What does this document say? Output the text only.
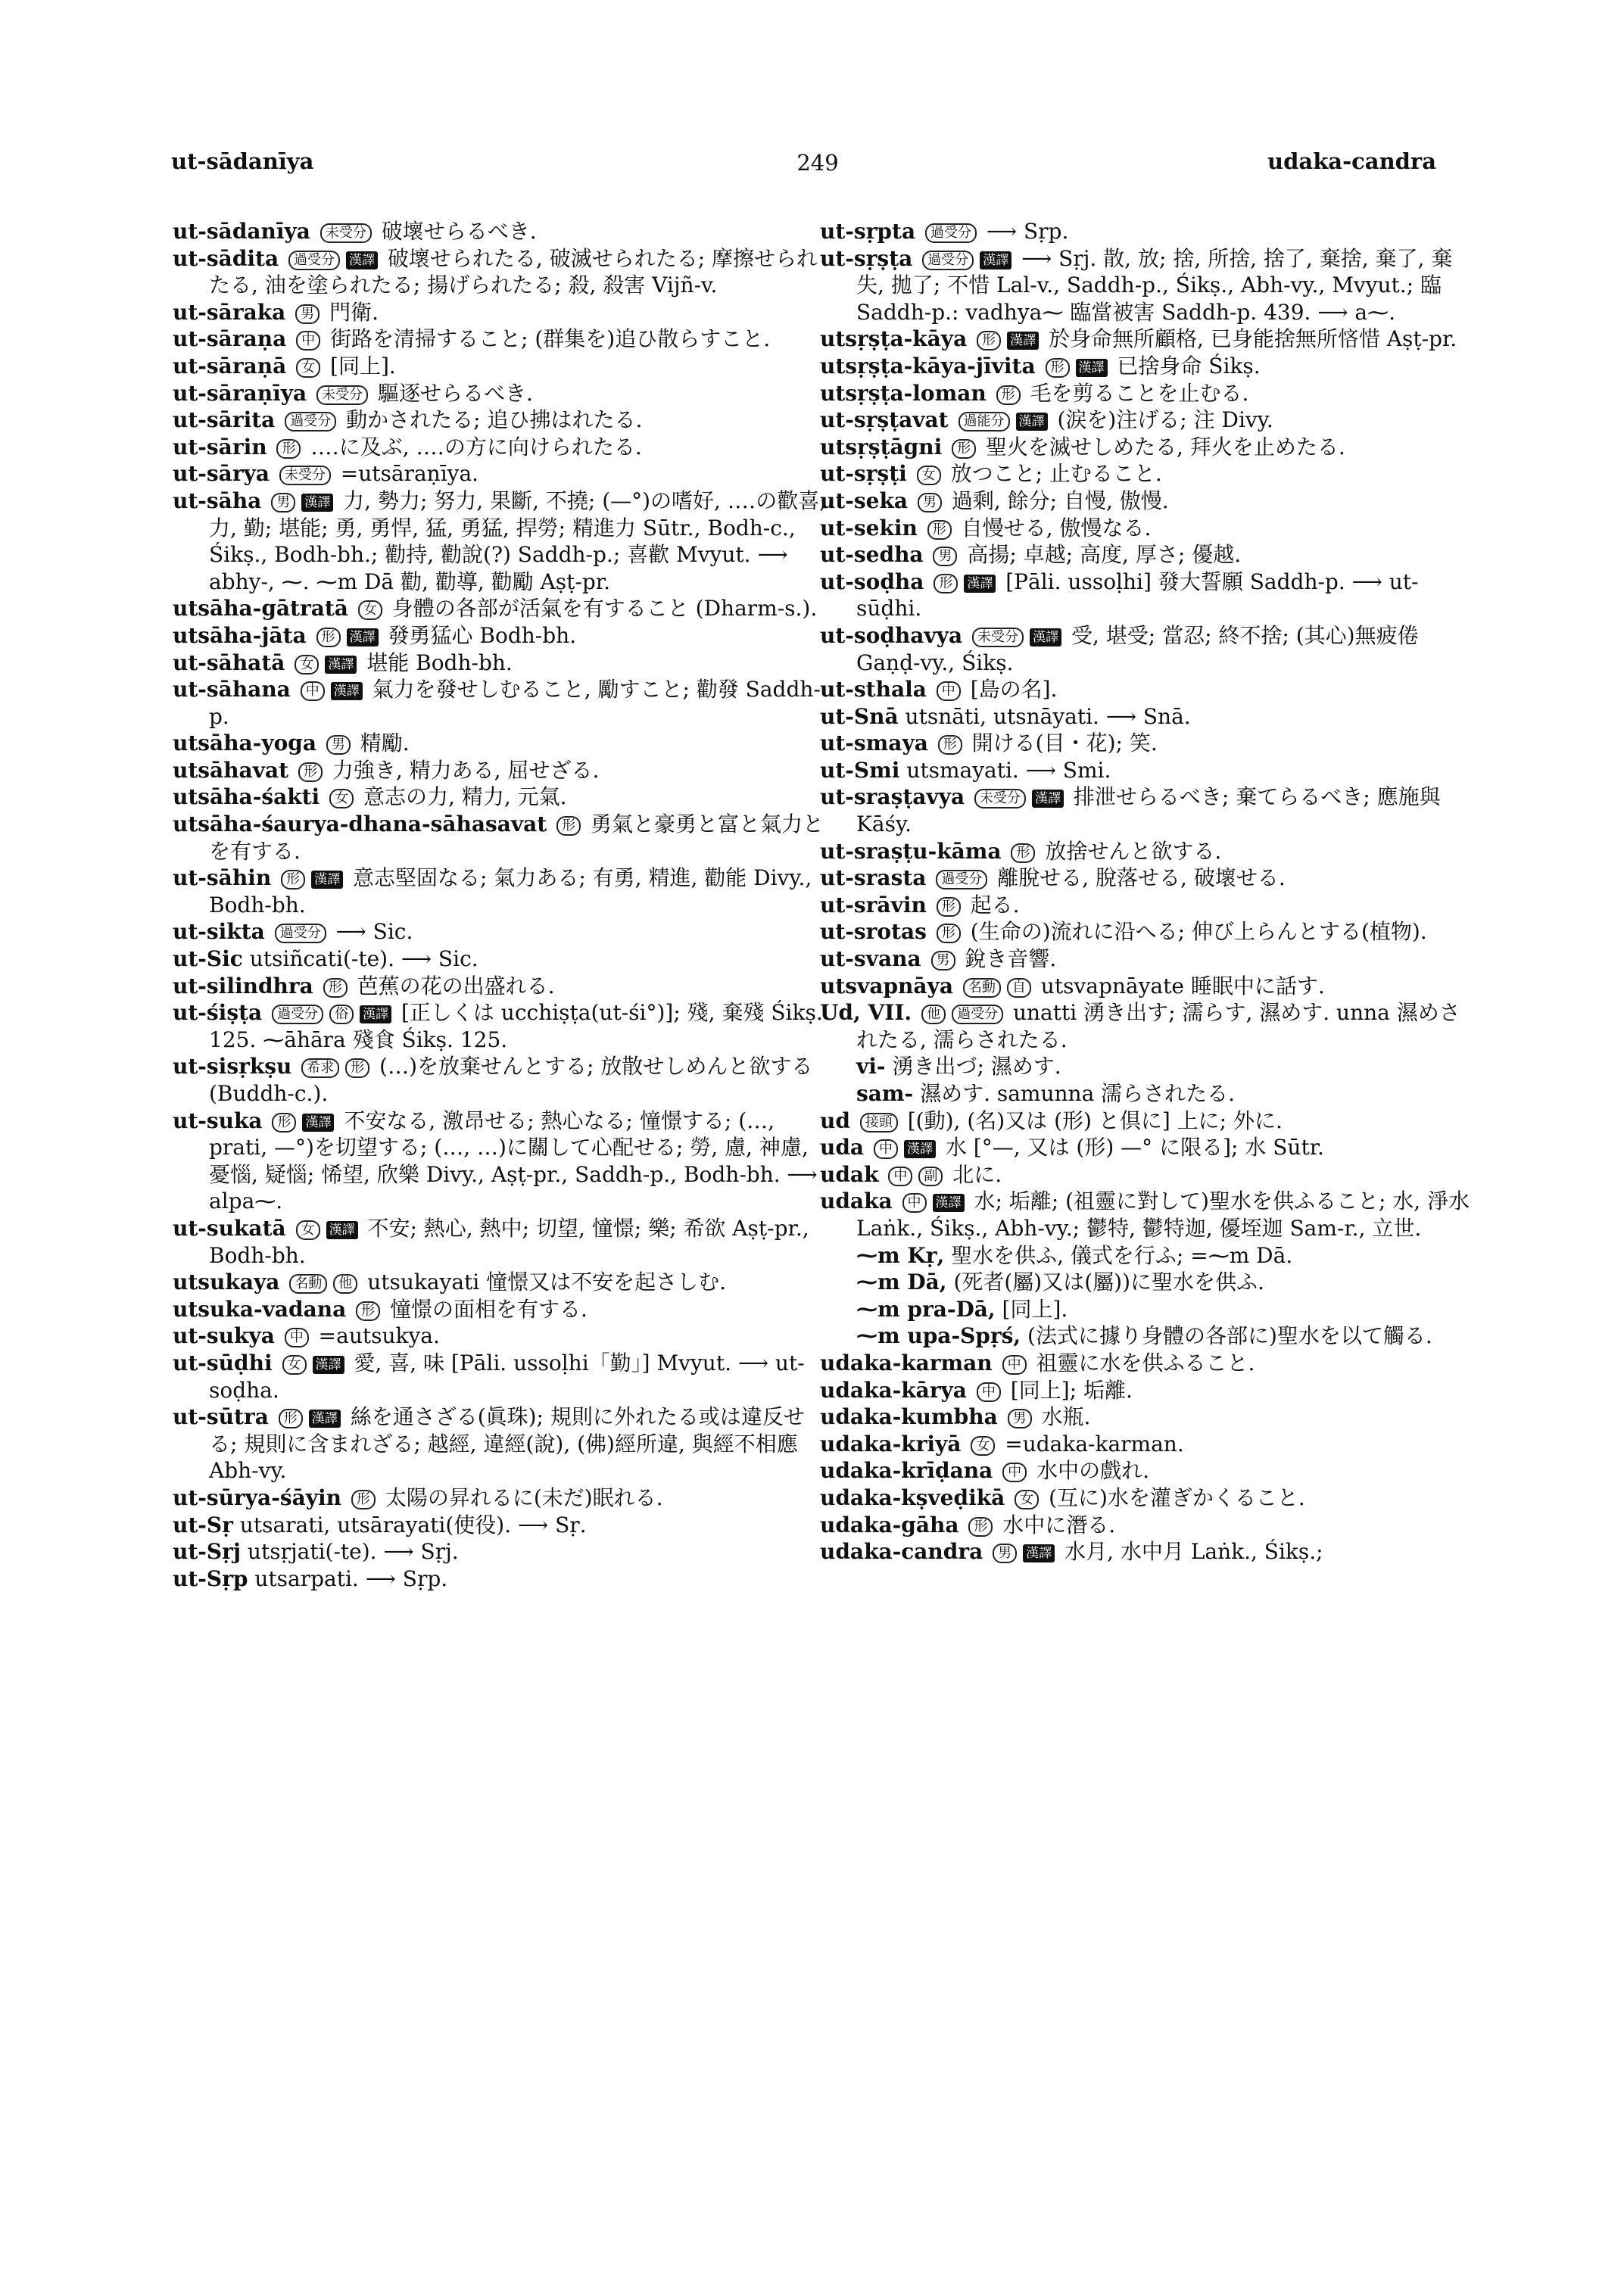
ut-sādanīya	249	udaka-candra

ut-sādanīya 未受分 破壞せらるべき.

ut-sādita 過受分 漢譯 破壞せられたる, 破滅せられたる; 摩擦せられたる, 油を塗られたる; 揚げられたる; 殺, 殺害 Vijñ-v.

ut-sāraka 男 門衛.

ut-sāraṇa 中 街路を清掃すること; (群集を)追ひ散らすこと.

ut-sāraṇā 女 [同上].

ut-sāraṇīya 未受分 驅逐せらるべき.

ut-sārita 過受分 動かされたる; 追ひ拂はれたる.

ut-sārin 形 ‥‥に及ぶ, ‥‥の方に向けられたる.

ut-sārya 未受分 =utsāraṇīya.

ut-sāha 男 漢譯 力, 勢力; 努力, 果斷, 不撓; (—°)の嗜好, ‥‥の歡喜; 力, 勤; 堪能; 勇, 勇悍, 猛, 勇猛, 捍勞; 精進力 Sūtr., Bodh-c., Śikṣ., Bodh-bh.; 勸持, 勸說(?) Saddh-p.; 喜歡 Mvyut. ⟶ abhy-, ⁓. ⁓m Dā 勸, 勸導, 勸勵 Aṣṭ-pr.

utsāha-gātratā 女 身體の各部が活氣を有すること (Dharm-s.).

utsāha-jāta 形 漢譯 發勇猛心 Bodh-bh.

ut-sāhatā 女 漢譯 堪能 Bodh-bh.

ut-sāhana 中 漢譯 氣力を發せしむること, 勵すこと; 勸發 Saddh-p.

utsāha-yoga 男 精勵.

utsāhavat 形 力強き, 精力ある, 屈せざる.

utsāha-śakti 女 意志の力, 精力, 元氣.

utsāha-śaurya-dhana-sāhasavat 形 勇氣と豪勇と富と氣力とを有する.

ut-sāhin 形 漢譯 意志堅固なる; 氣力ある; 有勇, 精進, 勸能 Divy., Bodh-bh.

ut-sikta 過受分 ⟶ Sic.

ut-Sic utsiñcati(-te). ⟶ Sic.

ut-silindhra 形 芭蕉の花の出盛れる.

ut-śiṣṭa 過受分 俗 漢譯 [正しくは ucchiṣṭa(ut-śi°)]; 殘, 棄殘 Śikṣ. 125. ⁓āhāra 殘食 Śikṣ. 125.

ut-sisṛkṣu 希求 形 (…)を放棄せんとする; 放散せしめんと欲する (Buddh-c.).

ut-suka 形 漢譯 不安なる, 激昂せる; 熱心なる; 憧憬する; (…, prati, —°)を切望する; (…, …)に關して心配せる; 勞, 慮, 神慮, 憂惱, 疑惱; 悕望, 欣樂 Divy., Aṣṭ-pr., Saddh-p., Bodh-bh. ⟶ alpa⁓.

ut-sukatā 女 漢譯 不安; 熱心, 熱中; 切望, 憧憬; 樂; 希欲 Aṣṭ-pr., Bodh-bh.

utsukaya 名動 他 utsukayati 憧憬又は不安を起さしむ.

utsuka-vadana 形 憧憬の面相を有する.

ut-sukya 中 =autsukya.

ut-sūḍhi 女 漢譯 愛, 喜, 味 [Pāli. ussoḷhi「勤」] Mvyut. ⟶ ut-soḍha.

ut-sūtra 形 漢譯 絲を通さざる(眞珠); 規則に外れたる或は違反せる; 規則に含まれざる; 越經, 違經(說), (佛)經所違, 與經不相應 Abh-vy.

ut-sūrya-śāyin 形 太陽の昇れるに(未だ)眠れる.

ut-Sṛ utsarati, utsārayati(使役). ⟶ Sṛ.

ut-Sṛj utsṛjati(-te). ⟶ Sṛj.

ut-Sṛp utsarpati. ⟶ Sṛp.

ut-sṛpta 過受分 ⟶ Sṛp.

ut-sṛṣṭa 過受分 漢譯 ⟶ Sṛj. 散, 放; 捨, 所捨, 捨了, 棄捨, 棄了, 棄失, 拋了; 不惜 Lal-v., Saddh-p., Śikṣ., Abh-vy., Mvyut.; 臨 Saddh-p.: vadhya⁓ 臨當被害 Saddh-p. 439. ⟶ a⁓.

utsṛṣṭa-kāya 形 漢譯 於身命無所顧格, 已身能捨無所悋惜 Aṣṭ-pr.

utsṛṣṭa-kāya-jīvita 形 漢譯 已捨身命 Śikṣ.

utsṛṣṭa-loman 形 毛を剪ることを止むる.

ut-sṛṣṭavat 過能分 漢譯 (涙を)注げる; 注 Divy.

utsṛṣṭāgni 形 聖火を滅せしめたる, 拜火を止めたる.

ut-sṛṣṭi 女 放つこと; 止むること.

ut-seka 男 過剩, 餘分; 自慢, 傲慢.

ut-sekin 形 自慢せる, 傲慢なる.

ut-sedha 男 高揚; 卓越; 高度, 厚さ; 優越.

ut-soḍha 形 漢譯 [Pāli. ussoḷhi] 發大誓願 Saddh-p. ⟶ ut-sūḍhi.

ut-soḍhavya 未受分 漢譯 受, 堪受; 當忍; 終不捨; (其心)無疲倦 Gaṇḍ-vy., Śikṣ.

ut-sthala 中 [島の名].

ut-Snā utsnāti, utsnāyati. ⟶ Snā.

ut-smaya 形 開ける(目・花); 笑.

ut-Smi utsmayati. ⟶ Smi.

ut-sraṣṭavya 未受分 漢譯 排泄せらるべき; 棄てらるべき; 應施與 Kāśy.

ut-sraṣṭu-kāma 形 放捨せんと欲する.

ut-srasta 過受分 離脫せる, 脫落せる, 破壞せる.

ut-srāvin 形 起る.

ut-srotas 形 (生命の)流れに沿へる; 伸び上らんとする(植物).

ut-svana 男 銳き音響.

utsvapnāya 名動 自 utsvapnāyate 睡眠中に話す.

Ud, VII. 他 過受分 unatti 湧き出す; 濡らす, 濕めす. unna 濕めされたる, 濡らされたる.

vi- 湧き出づ; 濕めす.

sam- 濕めす. samunna 濡らされたる.

ud 接頭 [(動), (名)又は (形) と倶に] 上に; 外に.

uda 中 漢譯 水 [°—, 又は (形) —° に限る]; 水 Sūtr.

udak 中 副 北に.

udaka 中 漢譯 水; 垢離; (祖靈に對して)聖水を供ふること; 水, 淨水 Laṅk., Śikṣ., Abh-vy.; 鬱特, 鬱特迦, 優垤迦 Sam-r., 立世.

⁓m Kṛ, 聖水を供ふ, 儀式を行ふ; =⁓m Dā.

⁓m Dā, (死者(屬)又は(屬))に聖水を供ふ.

⁓m pra-Dā, [同上].

⁓m upa-Spṛś, (法式に據り身體の各部に)聖水を以て觸る.

udaka-karman 中 祖靈に水を供ふること.

udaka-kārya 中 [同上]; 垢離.

udaka-kumbha 男 水瓶.

udaka-kriyā 女 =udaka-karman.

udaka-krīḍana 中 水中の戲れ.

udaka-kṣveḍikā 女 (互に)水を灌ぎかくること.

udaka-gāha 形 水中に潛る.

udaka-candra 男 漢譯 水月, 水中月 Laṅk., Śikṣ.;
